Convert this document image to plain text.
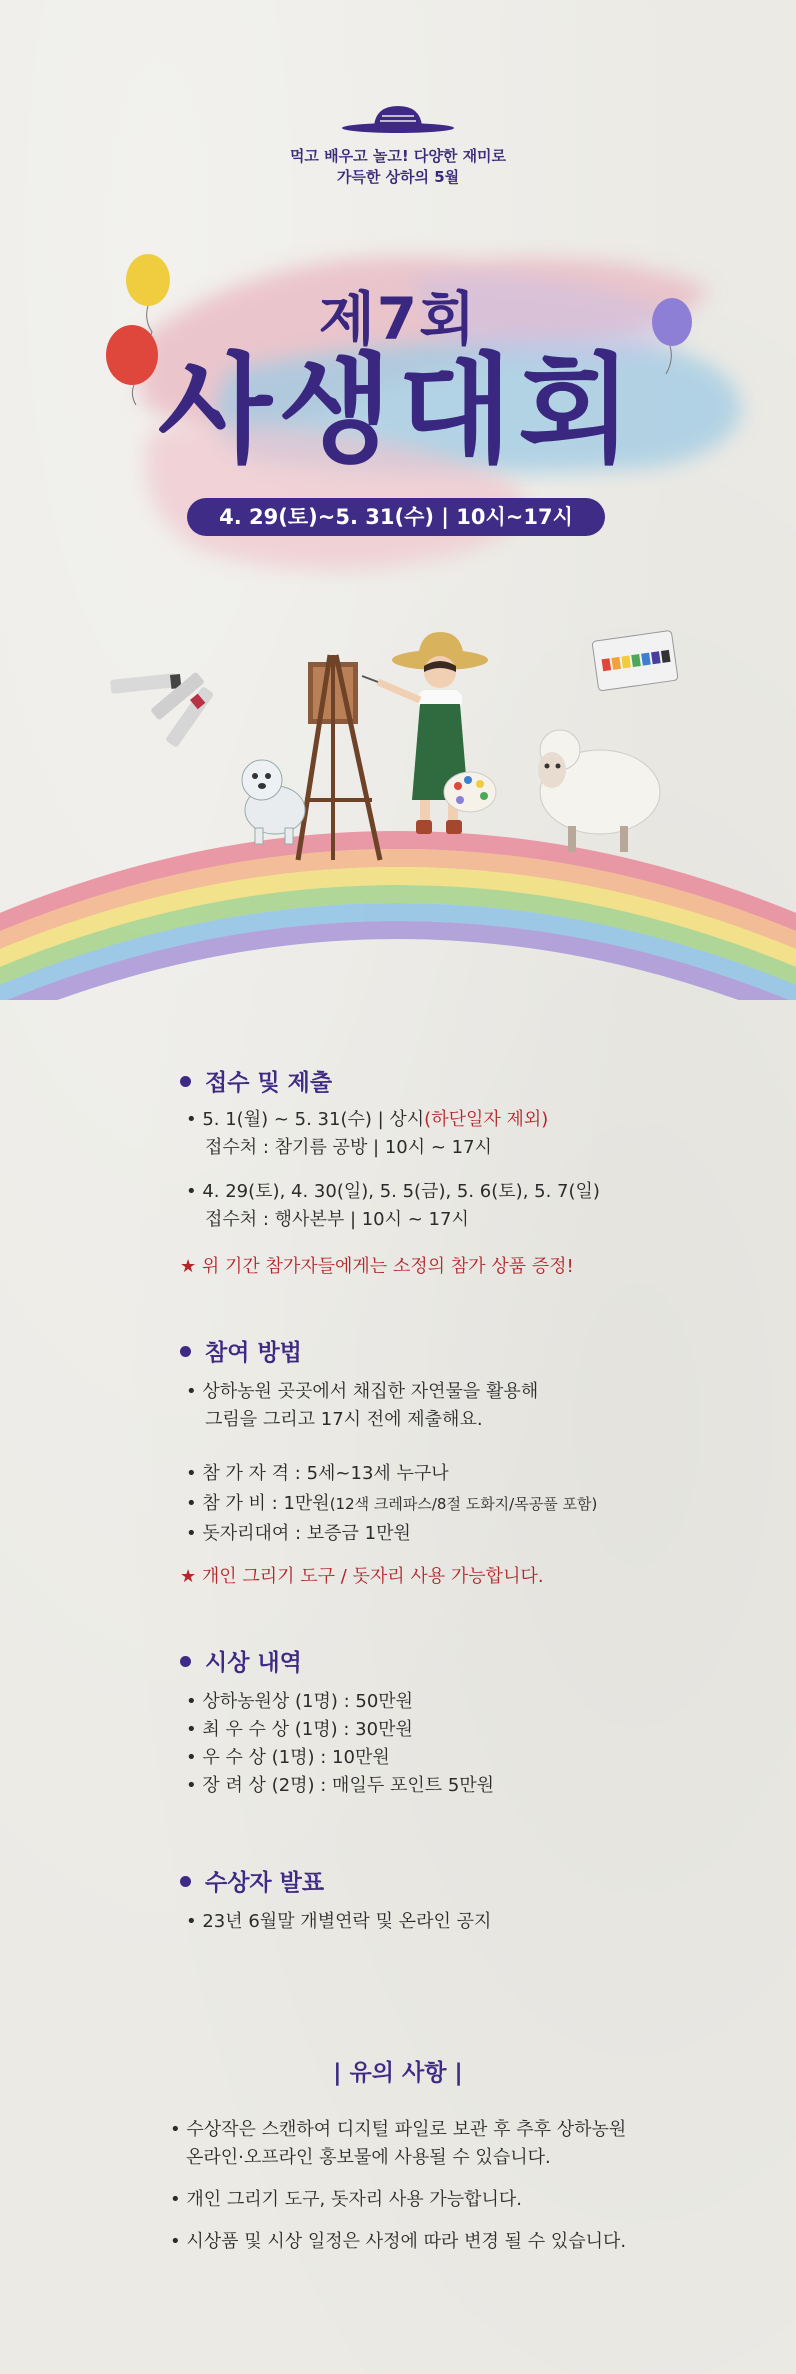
먹고 배우고 놀고! 다양한 재미로
가득한 상하의 5월
제7회
사생대회
4. 29(토)~5. 31(수) | 10시~17시
접수 및 제출
• 5. 1(월) ~ 5. 31(수) | 상시(하단일자 제외)
접수처 : 참기름 공방 | 10시 ~ 17시
• 4. 29(토), 4. 30(일), 5. 5(금), 5. 6(토), 5. 7(일)
접수처 : 행사본부 | 10시 ~ 17시
★ 위 기간 참가자들에게는 소정의 참가 상품 증정!
참여 방법
• 상하농원 곳곳에서 채집한 자연물을 활용해
그림을 그리고 17시 전에 제출해요.
• 참 가 자 격 : 5세~13세 누구나
• 참 가 비 : 1만원(12색 크레파스/8절 도화지/목공풀 포함)
• 돗자리대여 : 보증금 1만원
★ 개인 그리기 도구 / 돗자리 사용 가능합니다.
시상 내역
• 상하농원상 (1명) : 50만원
• 최 우 수 상 (1명) : 30만원
• 우 수 상 (1명) : 10만원
• 장 려 상 (2명) : 매일두 포인트 5만원
수상자 발표
• 23년 6월말 개별연락 및 온라인 공지
| 유의 사항 |
• 수상작은 스캔하여 디지털 파일로 보관 후 추후 상하농원
온라인·오프라인 홍보물에 사용될 수 있습니다.
• 개인 그리기 도구, 돗자리 사용 가능합니다.
• 시상품 및 시상 일정은 사정에 따라 변경 될 수 있습니다.
